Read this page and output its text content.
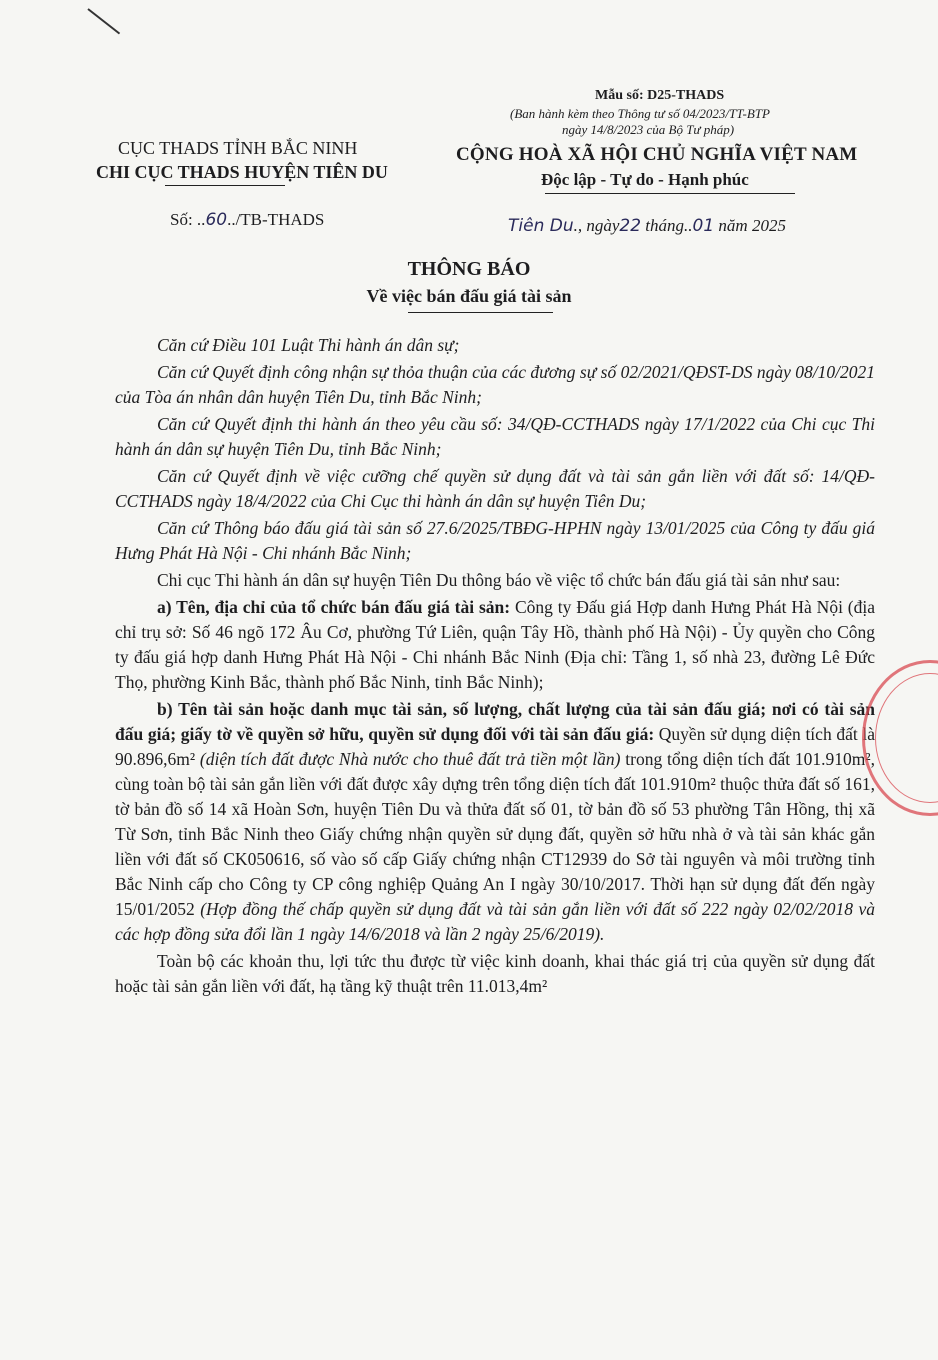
Mẫu số: D25-THADS
(Ban hành kèm theo Thông tư số 04/2023/TT-BTP
ngày 14/8/2023 của Bộ Tư pháp)
CỤC THADS TỈNH BẮC NINH
CHI CỤC THADS HUYỆN TIÊN DU
CỘNG HOÀ XÃ HỘI CHỦ NGHĨA VIỆT NAM
Độc lập - Tự do - Hạnh phúc
Số: ..60../TB-THADS	Tiên Du., ngày22 tháng..01 năm 2025
THÔNG BÁO
Về việc bán đấu giá tài sản

Căn cứ Điều 101 Luật Thi hành án dân sự;

Căn cứ Quyết định công nhận sự thỏa thuận của các đương sự số 02/2021/QĐST-DS ngày 08/10/2021 của Tòa án nhân dân huyện Tiên Du, tỉnh Bắc Ninh;

Căn cứ Quyết định thi hành án theo yêu cầu số: 34/QĐ-CCTHADS ngày 17/1/2022 của Chi cục Thi hành án dân sự huyện Tiên Du, tỉnh Bắc Ninh;

Căn cứ Quyết định về việc cưỡng chế quyền sử dụng đất và tài sản gắn liền với đất số: 14/QĐ-CCTHADS ngày 18/4/2022 của Chi Cục thi hành án dân sự huyện Tiên Du;

Căn cứ Thông báo đấu giá tài sản số 27.6/2025/TBĐG-HPHN ngày 13/01/2025 của Công ty đấu giá Hưng Phát Hà Nội - Chi nhánh Bắc Ninh;

Chi cục Thi hành án dân sự huyện Tiên Du thông báo về việc tổ chức bán đấu giá tài sản như sau:

a) Tên, địa chỉ của tổ chức bán đấu giá tài sản: Công ty Đấu giá Hợp danh Hưng Phát Hà Nội (địa chỉ trụ sở: Số 46 ngõ 172 Âu Cơ, phường Tứ Liên, quận Tây Hồ, thành phố Hà Nội) - Ủy quyền cho Công ty đấu giá hợp danh Hưng Phát Hà Nội - Chi nhánh Bắc Ninh (Địa chỉ: Tầng 1, số nhà 23, đường Lê Đức Thọ, phường Kinh Bắc, thành phố Bắc Ninh, tỉnh Bắc Ninh);

b) Tên tài sản hoặc danh mục tài sản, số lượng, chất lượng của tài sản đấu giá; nơi có tài sản đấu giá; giấy tờ về quyền sở hữu, quyền sử dụng đối với tài sản đấu giá: Quyền sử dụng diện tích đất là 90.896,6m² (diện tích đất được Nhà nước cho thuê đất trả tiền một lần) trong tổng diện tích đất 101.910m², cùng toàn bộ tài sản gắn liền với đất được xây dựng trên tổng diện tích đất 101.910m² thuộc thửa đất số 161, tờ bản đồ số 14 xã Hoàn Sơn, huyện Tiên Du và thửa đất số 01, tờ bản đồ số 53 phường Tân Hồng, thị xã Từ Sơn, tỉnh Bắc Ninh theo Giấy chứng nhận quyền sử dụng đất, quyền sở hữu nhà ở và tài sản khác gắn liền với đất số CK050616, số vào số cấp Giấy chứng nhận CT12939 do Sở tài nguyên và môi trường tỉnh Bắc Ninh cấp cho Công ty CP công nghiệp Quảng An I ngày 30/10/2017. Thời hạn sử dụng đất đến ngày 15/01/2052 (Hợp đồng thế chấp quyền sử dụng đất và tài sản gắn liền với đất số 222 ngày 02/02/2018 và các hợp đồng sửa đổi lần 1 ngày 14/6/2018 và lần 2 ngày 25/6/2019).

Toàn bộ các khoản thu, lợi tức thu được từ việc kinh doanh, khai thác giá trị của quyền sử dụng đất hoặc tài sản gắn liền với đất, hạ tầng kỹ thuật trên 11.013,4m²
